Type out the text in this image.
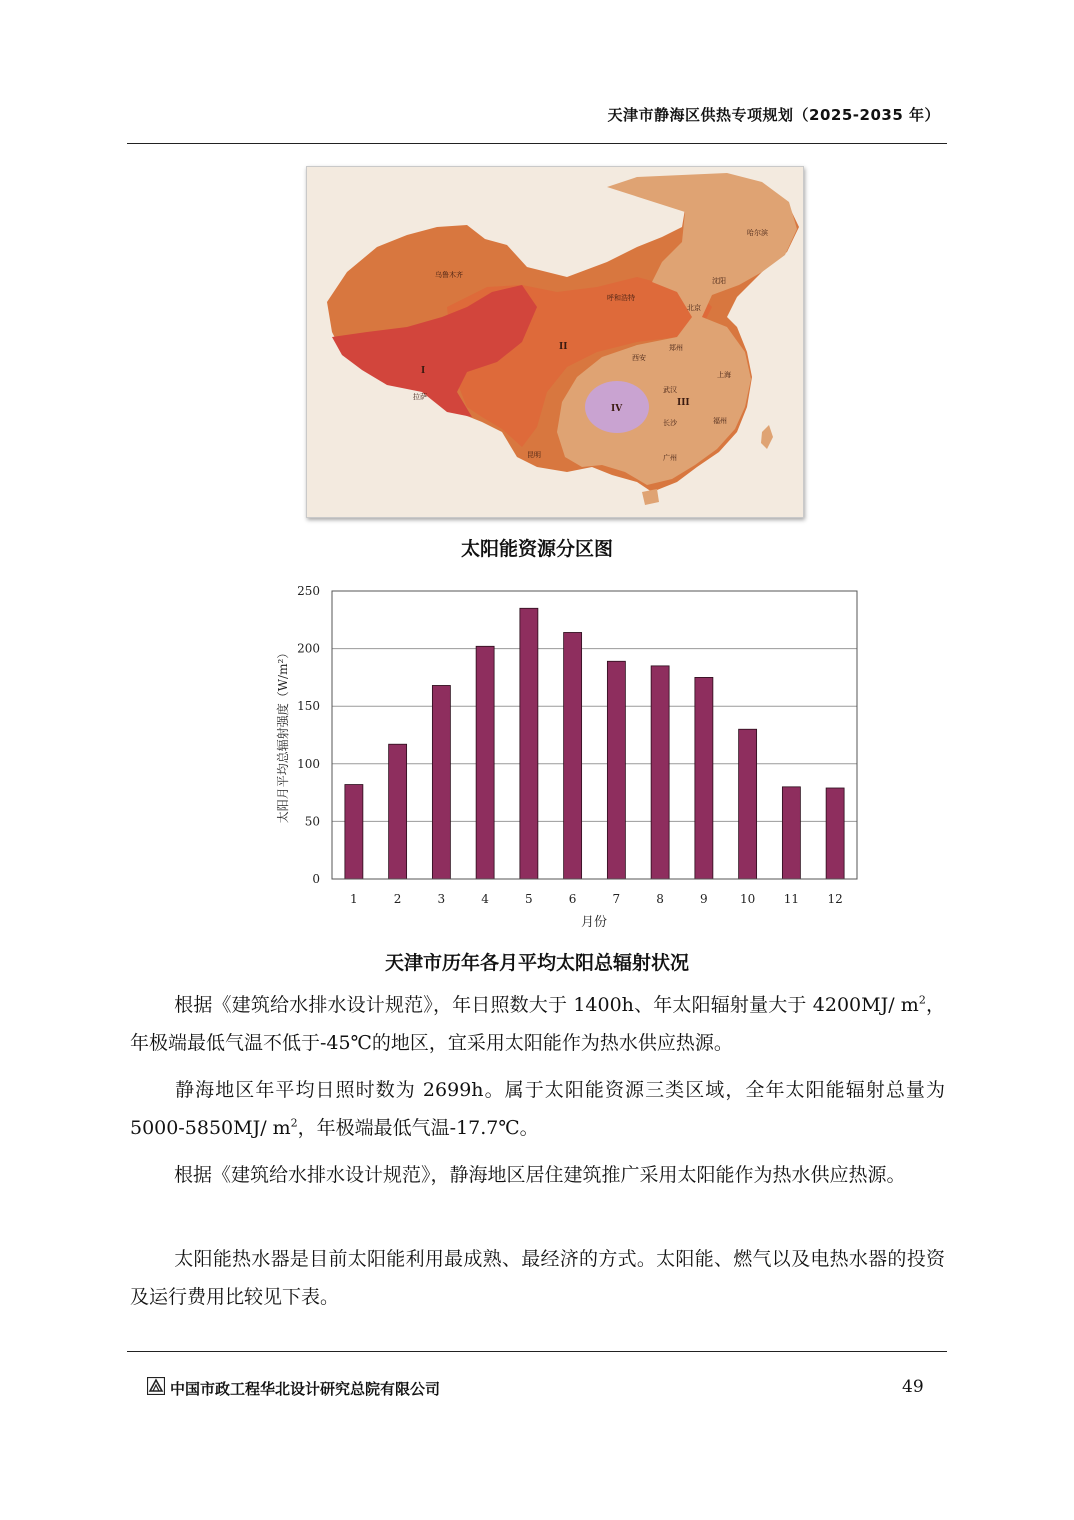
天津市静海区供热专项规划（2025-2035 年）
乌鲁木齐
拉萨
昆明
呼和浩特
北京
沈阳
哈尔滨
西安
郑州
上海
武汉
长沙	福州
广州
I
II
III
IV
太阳能资源分区图
0
50
100
150
200
250
1	2	3	4	5	6	7	8	9	10 11 12
月份
太阳月平均总辐射强度（W/m²）
天津市历年各月平均太阳总辐射状况
根据《建筑给水排水设计规范》，年日照数大于 1400h、年太阳辐射量大于 4200MJ/ $m^2$，年极端最低气温不低于-45℃的地区，宜采用太阳能作为热水供应热源。
静海地区年平均日照时数为 2699h。属于太阳能资源三类区域，全年太阳能辐射总量为 5000-5850MJ/ $m^2$，年极端最低气温-17.7℃。
根据《建筑给水排水设计规范》，静海地区居住建筑推广采用太阳能作为热水供应热源。
太阳能热水器是目前太阳能利用最成熟、最经济的方式。太阳能、燃气以及电热水器的投资及运行费用比较见下表。
中国市政工程华北设计研究总院有限公司	49
